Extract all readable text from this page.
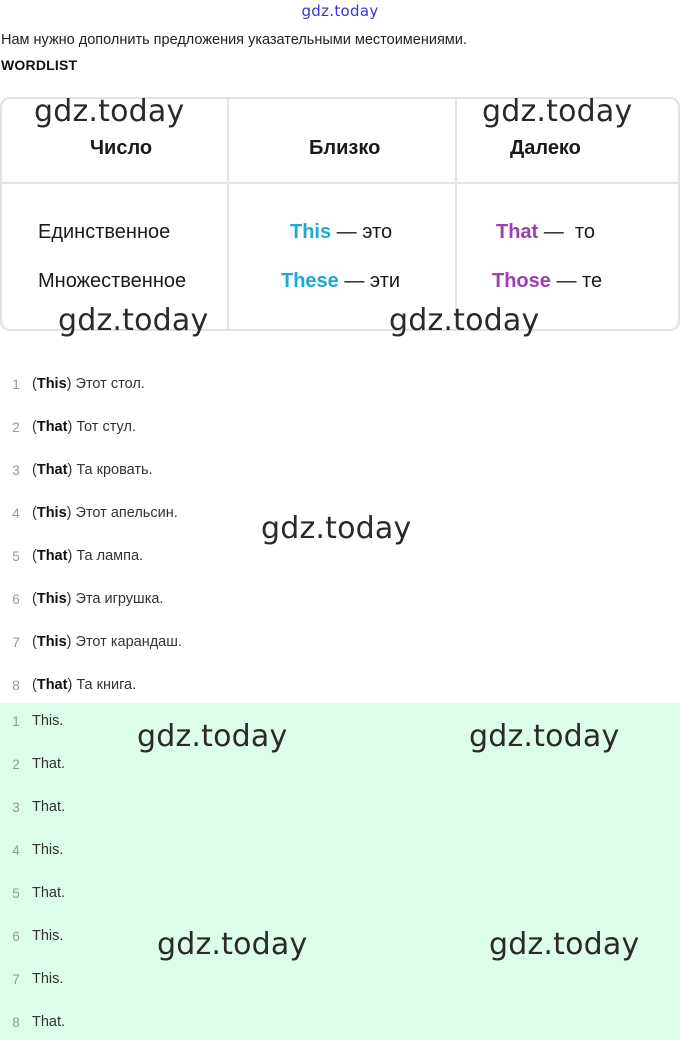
gdz.today
Нам нужно дополнить предложения указательными местоимениями.
WORDLIST
Число	Близко	Далеко
Единственное	This — это	That —  то
Множественное	These — эти	Those — те
1 (This) Этот стол.
2 (That) Тот стул.
3 (That) Та кровать.
4 (This) Этот апельсин.
5 (That) Та лампа.
6 (This) Эта игрушка.
7 (This) Этот карандаш.
8 (That) Та книга.
1 This.
2 That.
3 That.
4 This.
5 That.
6 This.
7 This.
8 That.
gdz.today	gdz.today
gdz.today	gdz.today
gdz.today
gdz.today	gdz.today
gdz.today	gdz.today
